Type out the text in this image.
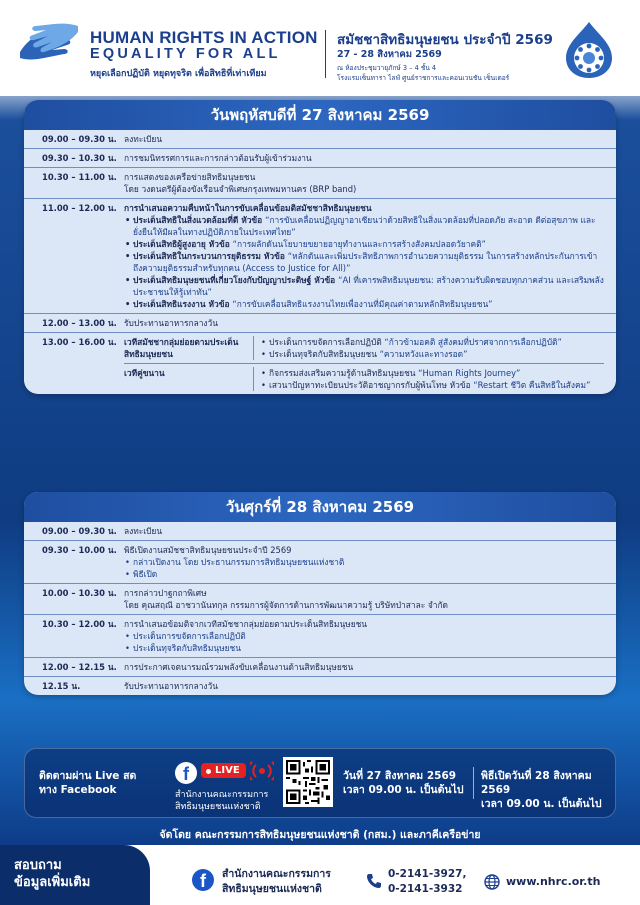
HUMAN RIGHTS IN ACTION
EQUALITY FOR ALL
หยุดเลือกปฏิบัติ หยุดทุจริต เพื่อสิทธิที่เท่าเทียม
สมัชชาสิทธิมนุษยชน ประจำปี 2569
27 - 28 สิงหาคม 2569
ณ ห้องประชุมวายุภักษ์ 3 – 4 ชั้น 4
โรงแรมเซ็นทารา ไลฟ์ ศูนย์ราชการและคอนเวนชัน เซ็นเตอร์
วันพฤหัสบดีที่ 27 สิงหาคม 2569
09.00 – 09.30 น. ลงทะเบียน
09.30 – 10.30 น. การชมนิทรรศการและการกล่าวต้อนรับผู้เข้าร่วมงาน
10.30 – 11.00 น. การแสดงของเครือข่ายสิทธิมนุษยชน
โดย วงดนตรีผู้ต้องขังเรือนจำพิเศษกรุงเทพมหานคร (BRP band)
11.00 – 12.00 น. การนำเสนอความคืบหน้าในการขับเคลื่อนข้อมติสมัชชาสิทธิมนุษยชน
• ประเด็นสิทธิในสิ่งแวดล้อมที่ดี หัวข้อ “การขับเคลื่อนปฏิญญาอาเซียนว่าด้วยสิทธิในสิ่งแวดล้อมที่ปลอดภัย สะอาด ดีต่อสุขภาพ และยั่งยืนให้มีผลในทางปฏิบัติภายในประเทศไทย”
• ประเด็นสิทธิผู้สูงอายุ หัวข้อ “การผลักดันนโยบายขยายอายุทำงานและการสร้างสังคมปลอดวัยาคติ”
• ประเด็นสิทธิในกระบวนการยุติธรรม หัวข้อ “หลักดันและเพิ่มประสิทธิภาพการอำนวยความยุติธรรม ในการสร้างหลักประกันการเข้าถึงความยุติธรรมสำหรับทุกคน (Access to Justice for All)”
• ประเด็นสิทธิมนุษยชนที่เกี่ยวโยงกับปัญญาประดิษฐ์ หัวข้อ “AI ที่เคารพสิทธิมนุษยชน: สร้างความรับผิดชอบทุกภาคส่วน และเสริมพลังประชาชนให้รู้เท่าทัน”
• ประเด็นสิทธิแรงงาน หัวข้อ “การขับเคลื่อนสิทธิแรงงานไทยเพื่องานที่มีคุณค่าตามหลักสิทธิมนุษยชน”
12.00 – 13.00 น. รับประทานอาหารกลางวัน
13.00 – 16.00 น. เวทีสมัชชากลุ่มย่อยตามประเด็นสิทธิมนุษยชน
• ประเด็นการขจัดการเลือกปฏิบัติ “ก้าวข้ามอคติ สู่สังคมที่ปราศจากการเลือกปฏิบัติ”
• ประเด็นทุจริตกับสิทธิมนุษยชน “ความหวังและทางรอด”
เวทีคู่ขนาน
•	กิจกรรมส่งเสริมความรู้ด้านสิทธิมนุษยชน “Human Rights Journey”
• เสวนาปัญหาทะเบียนประวัติอาชญากรกับผู้พ้นโทษ หัวข้อ “Restart ชีวิต คืนสิทธิในสังคม”
วันศุกร์ที่ 28 สิงหาคม 2569
09.00 – 09.30 น. ลงทะเบียน
09.30 – 10.00 น. พิธีเปิดงานสมัชชาสิทธิมนุษยชนประจำปี 2569
• กล่าวเปิดงาน โดย ประธานกรรมการสิทธิมนุษยชนแห่งชาติ
• พิธีเปิด
10.00 – 10.30 น. การกล่าวปาฐกถาพิเศษ
โดย คุณสฤณี อาชวานันทกุล กรรมการผู้จัดการด้านการพัฒนาความรู้ บริษัทป่าสาละ จำกัด
10.30 – 12.00 น. การนำเสนอข้อมติจากเวทีสมัชชากลุ่มย่อยตามประเด็นสิทธิมนุษยชน
• ประเด็นการขจัดการเลือกปฏิบัติ
• ประเด็นทุจริตกับสิทธิมนุษยชน
12.00 – 12.15 น. การประกาศเจตนารมณ์รวมพลังขับเคลื่อนงานด้านสิทธิมนุษยชน
12.15 น.	รับประทานอาหารกลางวัน
ติดตามผ่าน Live สด
ทาง Facebook
f	LIVE
สำนักงานคณะกรรมการ
สิทธิมนุษยชนแห่งชาติ
วันที่ 27 สิงหาคม 2569
เวลา 09.00 น. เป็นต้นไป
พิธีเปิดวันที่ 28 สิงหาคม 2569
เวลา 09.00 น. เป็นต้นไป
จัดโดย คณะกรรมการสิทธิมนุษยชนแห่งชาติ (กสม.) และภาคีเครือข่าย
สอบถาม
ข้อมูลเพิ่มเติม	f	สำนักงานคณะกรรมการ
สิทธิมนุษยชนแห่งชาติ
0-2141-3927,
0-2141-3932
www.nhrc.or.th
